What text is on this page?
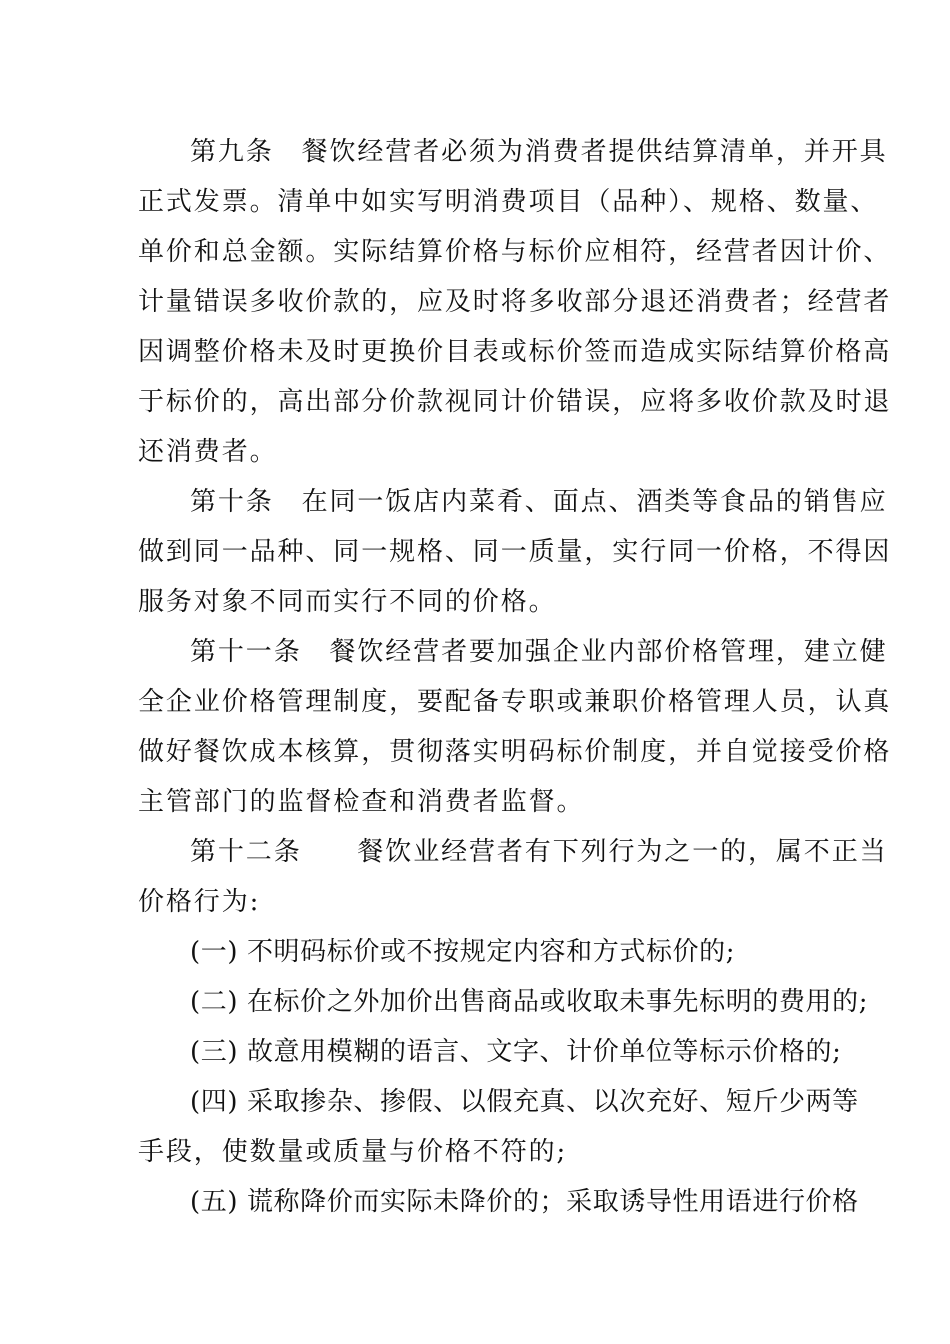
第九条　餐饮经营者必须为消费者提供结算清单，并开具
正式发票。清单中如实写明消费项目（品种）、规格、数量、
单价和总金额。实际结算价格与标价应相符，经营者因计价、
计量错误多收价款的，应及时将多收部分退还消费者；经营者
因调整价格未及时更换价目表或标价签而造成实际结算价格高
于标价的，高出部分价款视同计价错误，应将多收价款及时退
还消费者。
第十条　在同一饭店内菜肴、面点、酒类等食品的销售应
做到同一品种、同一规格、同一质量，实行同一价格，不得因
服务对象不同而实行不同的价格。
第十一条　餐饮经营者要加强企业内部价格管理，建立健
全企业价格管理制度，要配备专职或兼职价格管理人员，认真
做好餐饮成本核算，贯彻落实明码标价制度，并自觉接受价格
主管部门的监督检查和消费者监督。
第十二条　　餐饮业经营者有下列行为之一的，属不正当
价格行为:
(一) 不明码标价或不按规定内容和方式标价的;
(二) 在标价之外加价出售商品或收取未事先标明的费用的;
(三) 故意用模糊的语言、文字、计价单位等标示价格的;
(四) 采取掺杂、掺假、以假充真、以次充好、短斤少两等
手段，使数量或质量与价格不符的;
(五) 谎称降价而实际未降价的；采取诱导性用语进行价格
